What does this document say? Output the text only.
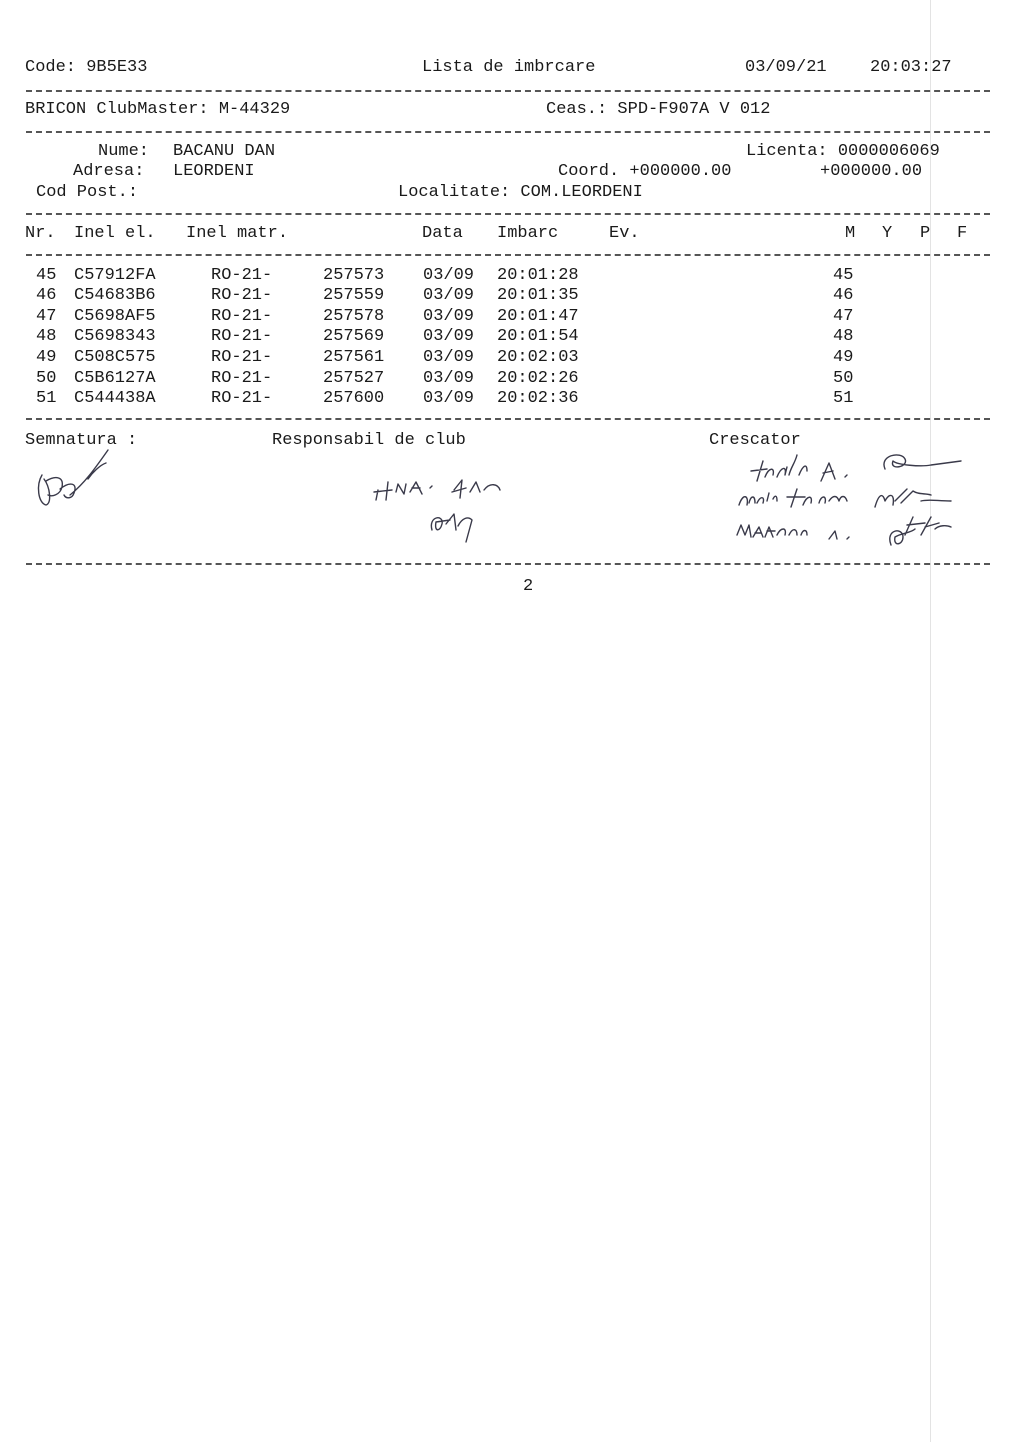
Code: 9B5E33	Lista de imbrcare	03/09/21	20:03:27
BRICON ClubMaster: M-44329	Ceas.: SPD-F907A V 012
Nume: BACANU DAN	Licenta: 0000006069
Adresa: LEORDENI	Coord. +000000.00	+000000.00
Cod Post.:	Localitate: COM.LEORDENI
Nr. Inel el. Inel matr.	Data Imbarc	Ev.	M Y P F
45 C57912FA	RO-21-	257573 03/09 20:01:28	45
46 C54683B6	RO-21-	257559 03/09 20:01:35	46
47 C5698AF5	RO-21-	257578 03/09 20:01:47	47
48 C5698343	RO-21-	257569 03/09 20:01:54	48
49 C508C575	RO-21-	257561 03/09 20:02:03	49
50 C5B6127A	RO-21-	257527 03/09 20:02:26	50
51 C544438A	RO-21-	257600 03/09 20:02:36	51
Semnatura :	Responsabil de club	Crescator
2
